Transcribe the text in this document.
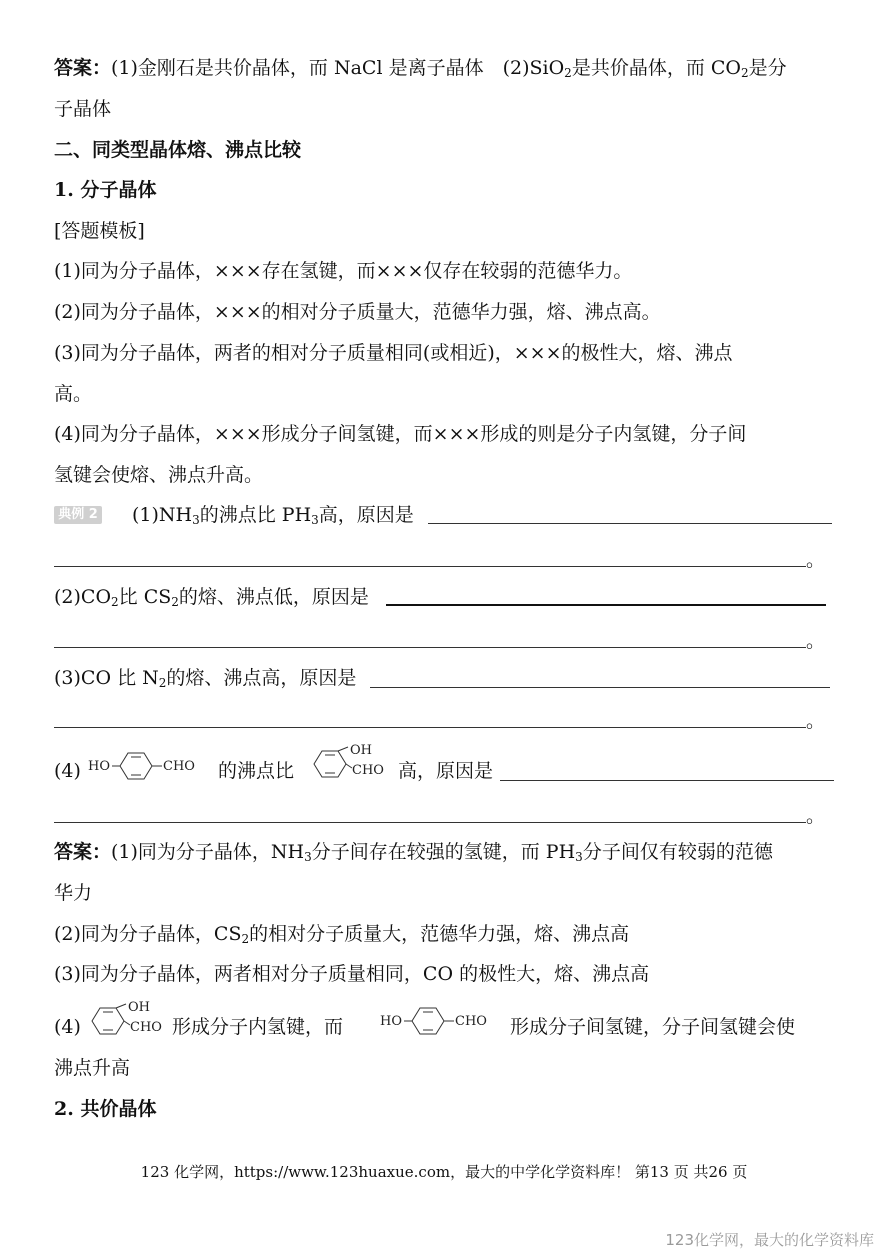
答案：(1)金刚石是共价晶体，而 NaCl 是离子晶体　(2)SiO$_2$是共价晶体，而 $CO_2$是分
子晶体
二、同类型晶体熔、沸点比较
1. 分子晶体
[答题模板]
(1)同为分子晶体，×××存在氢键，而×××仅存在较弱的范德华力。
(2)同为分子晶体，×××的相对分子质量大，范德华力强，熔、沸点高。
(3)同为分子晶体，两者的相对分子质量相同(或相近)，×××的极性大，熔、沸点
高。
(4)同为分子晶体，×××形成分子间氢键，而×××形成的则是分子内氢键，分子间
氢键会使熔、沸点升高。
典例 2 $(1)NH_3$的沸点比 $PH_3$高，原因是
。
$(2)CO_2$比 $CS_2$的熔、沸点低，原因是
。
(3)CO 比 $N_2$的熔、沸点高，原因是
。
(4) HO	CHO 的沸点比
OH
CHO 高，原因是
。
答案：(1)同为分子晶体，$NH_3$分子间存在较强的氢键，而 $PH_3$分子间仅有较弱的范德
华力
(2)同为分子晶体，$CS_2$的相对分子质量大，范德华力强，熔、沸点高
(3)同为分子晶体，两者相对分子质量相同，CO 的极性大，熔、沸点高
(4)
OH
CHO 形成分子内氢键，而	HO	CHO 形成分子间氢键，分子间氢键会使
沸点升高
2. 共价晶体
123 化学网，https://www.123huaxue.com，最大的中学化学资料库！ 第13 页 共26 页
123化学网，最大的化学资料库
